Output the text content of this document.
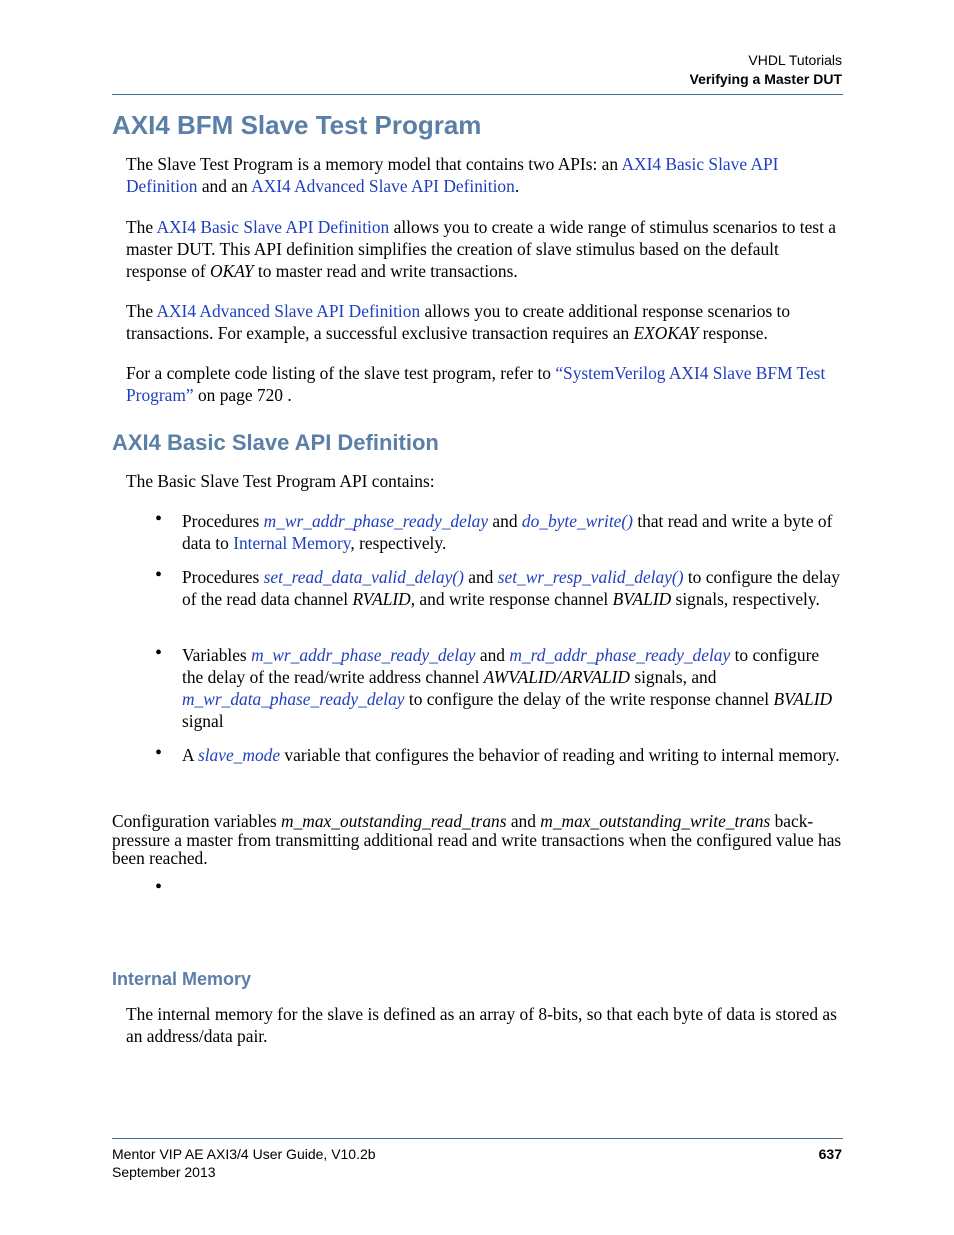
VHDL Tutorials
Verifying a Master DUT
AXI4 BFM Slave Test Program

The Slave Test Program is a memory model that contains two APIs: an AXI4 Basic Slave API Definition and an AXI4 Advanced Slave API Definition.

The AXI4 Basic Slave API Definition allows you to create a wide range of stimulus scenarios to test a master DUT. This API definition simplifies the creation of slave stimulus based on the default response of OKAY to master read and write transactions.

The AXI4 Advanced Slave API Definition allows you to create additional response scenarios to transactions. For example, a successful exclusive transaction requires an EXOKAY response.

For a complete code listing of the slave test program, refer to “SystemVerilog AXI4 Slave BFM Test Program” on page 720 .

AXI4 Basic Slave API Definition

The Basic Slave Test Program API contains:

• Procedures m_wr_addr_phase_ready_delay and do_byte_write() that read and write a byte of data to Internal Memory, respectively.

• Procedures set_read_data_valid_delay() and set_wr_resp_valid_delay() to configure the delay of the read data channel RVALID, and write response channel BVALID signals, respectively.

• Variables m_wr_addr_phase_ready_delay and m_rd_addr_phase_ready_delay to configure the delay of the read/write address channel AWVALID/ARVALID signals, and m_wr_data_phase_ready_delay to configure the delay of the write response channel BVALID signal

• A slave_mode variable that configures the behavior of reading and writing to internal memory.

Configuration variables m_max_outstanding_read_trans and m_max_outstanding_write_trans back-pressure a master from transmitting additional read and write transactions when the configured value has been reached.

•
Internal Memory

The internal memory for the slave is defined as an array of 8-bits, so that each byte of data is stored as an address/data pair.

Mentor VIP AE AXI3/4 User Guide, V10.2b
September 2013
637
